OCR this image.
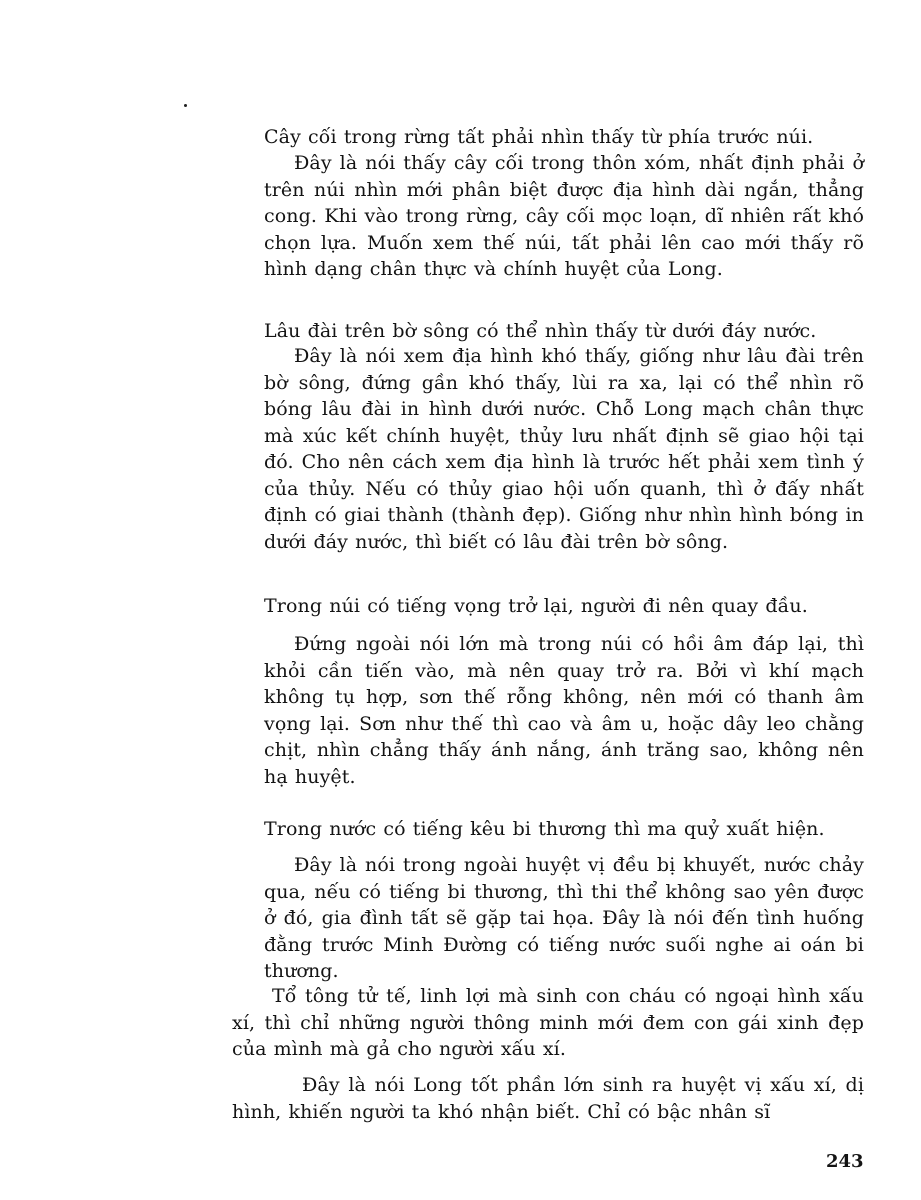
Cây cối trong rừng tất phải nhìn thấy từ phía trước núi.

Đây là nói thấy cây cối trong thôn xóm, nhất định phải ở trên núi nhìn mới phân biệt được địa hình dài ngắn, thẳng cong. Khi vào trong rừng, cây cối mọc loạn, dĩ nhiên rất khó chọn lựa. Muốn xem thế núi, tất phải lên cao mới thấy rõ hình dạng chân thực và chính huyệt của Long.

Lâu đài trên bờ sông có thể nhìn thấy từ dưới đáy nước.

Đây là nói xem địa hình khó thấy, giống như lâu đài trên bờ sông, đứng gần khó thấy, lùi ra xa, lại có thể nhìn rõ bóng lâu đài in hình dưới nước. Chỗ Long mạch chân thực mà xúc kết chính huyệt, thủy lưu nhất định sẽ giao hội tại đó. Cho nên cách xem địa hình là trước hết phải xem tình ý của thủy. Nếu có thủy giao hội uốn quanh, thì ở đấy nhất định có giai thành (thành đẹp). Giống như nhìn hình bóng in dưới đáy nước, thì biết có lâu đài trên bờ sông.

Trong núi có tiếng vọng trở lại, người đi nên quay đầu.

Đứng ngoài nói lớn mà trong núi có hồi âm đáp lại, thì khỏi cần tiến vào, mà nên quay trở ra. Bởi vì khí mạch không tụ hợp, sơn thế rỗng không, nên mới có thanh âm vọng lại. Sơn như thế thì cao và âm u, hoặc dây leo chằng chịt, nhìn chẳng thấy ánh nắng, ánh trăng sao, không nên hạ huyệt.

Trong nước có tiếng kêu bi thương thì ma quỷ xuất hiện.

Đây là nói trong ngoài huyệt vị đều bị khuyết, nước chảy qua, nếu có tiếng bi thương, thì thi thể không sao yên được ở đó, gia đình tất sẽ gặp tai họa. Đây là nói đến tình huống đằng trước Minh Đường có tiếng nước suối nghe ai oán bi thương.

Tổ tông tử tế, linh lợi mà sinh con cháu có ngoại hình xấu xí, thì chỉ những người thông minh mới đem con gái xinh đẹp của mình mà gả cho người xấu xí.

Đây là nói Long tốt phần lớn sinh ra huyệt vị xấu xí, dị hình, khiến người ta khó nhận biết. Chỉ có bậc nhân sĩ

243
